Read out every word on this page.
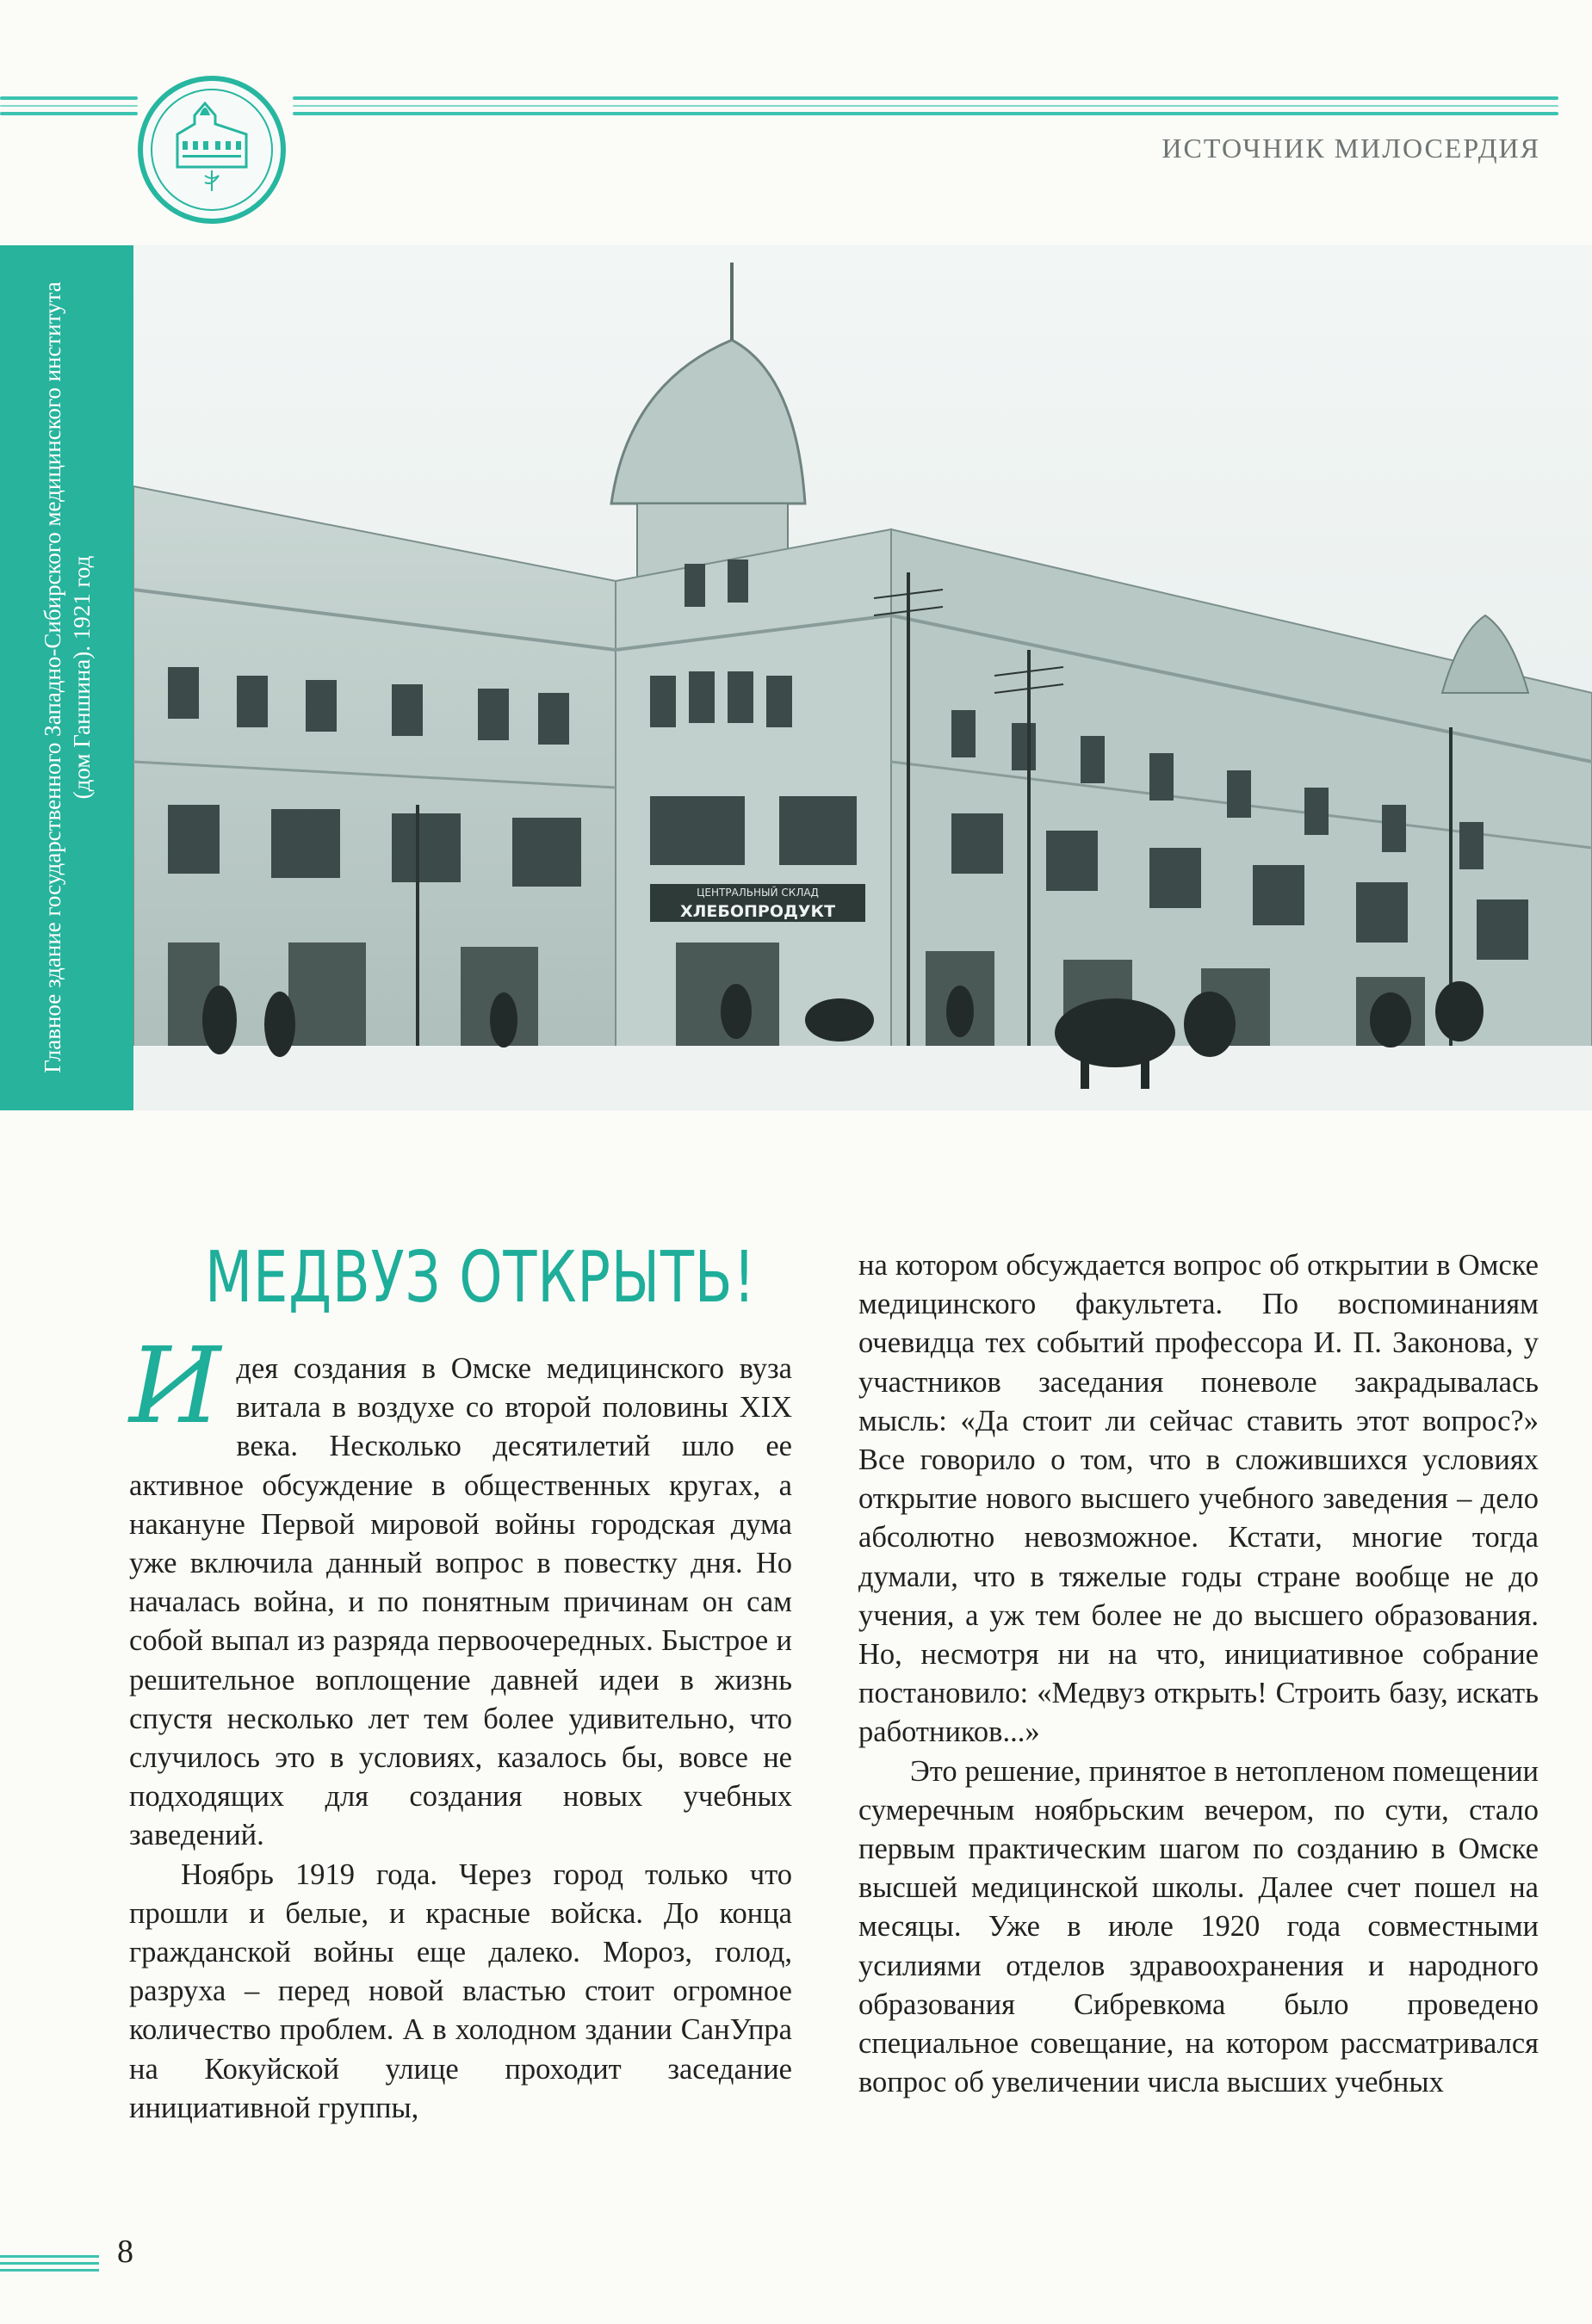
ИСТОЧНИК МИЛОСЕРДИЯ
Главное здание государственного Западно-Сибирского медицинского института (дом Ганшина). 1921 год
ЦЕНТРАЛЬНЫЙ СКЛАД
ХЛЕБОПРОДУКТ
МЕДВУЗ ОТКРЫТЬ!

Идея создания в Омске медицинского вуза витала в воздухе со второй половины XIX века. Несколько десятилетий шло ее активное обсуждение в общественных кругах, а накануне Первой мировой войны городская дума уже включила данный вопрос в повестку дня. Но началась война, и по понятным причинам он сам собой выпал из разряда первоочередных. Быстрое и решительное воплощение давней идеи в жизнь спустя несколько лет тем более удивительно, что случилось это в условиях, казалось бы, вовсе не подходящих для создания новых учебных заведений.

Ноябрь 1919 года. Через город только что прошли и белые, и красные войска. До конца гражданской войны еще далеко. Мороз, голод, разруха – перед новой властью стоит огромное количество проблем. А в холодном здании СанУпра на Кокуйской улице проходит заседание инициативной группы,

на котором обсуждается вопрос об открытии в Омске медицинского факультета. По воспоминаниям очевидца тех событий профессора И. П. Законова, у участников заседания поневоле закрадывалась мысль: «Да стоит ли сейчас ставить этот вопрос?» Все говорило о том, что в сложившихся условиях открытие нового высшего учебного заведения – дело абсолютно невозможное. Кстати, многие тогда думали, что в тяжелые годы стране вообще не до учения, а уж тем более не до высшего образования. Но, несмотря ни на что, инициативное собрание постановило: «Медвуз открыть! Строить базу, искать работников...»

Это решение, принятое в нетопленом помещении сумеречным ноябрьским вечером, по сути, стало первым практическим шагом по созданию в Омске высшей медицинской школы. Далее счет пошел на месяцы. Уже в июле 1920 года совместными усилиями отделов здравоохранения и народного образования Сибревкома было проведено специальное совещание, на котором рассматривался вопрос об увеличении числа высших учебных

8
